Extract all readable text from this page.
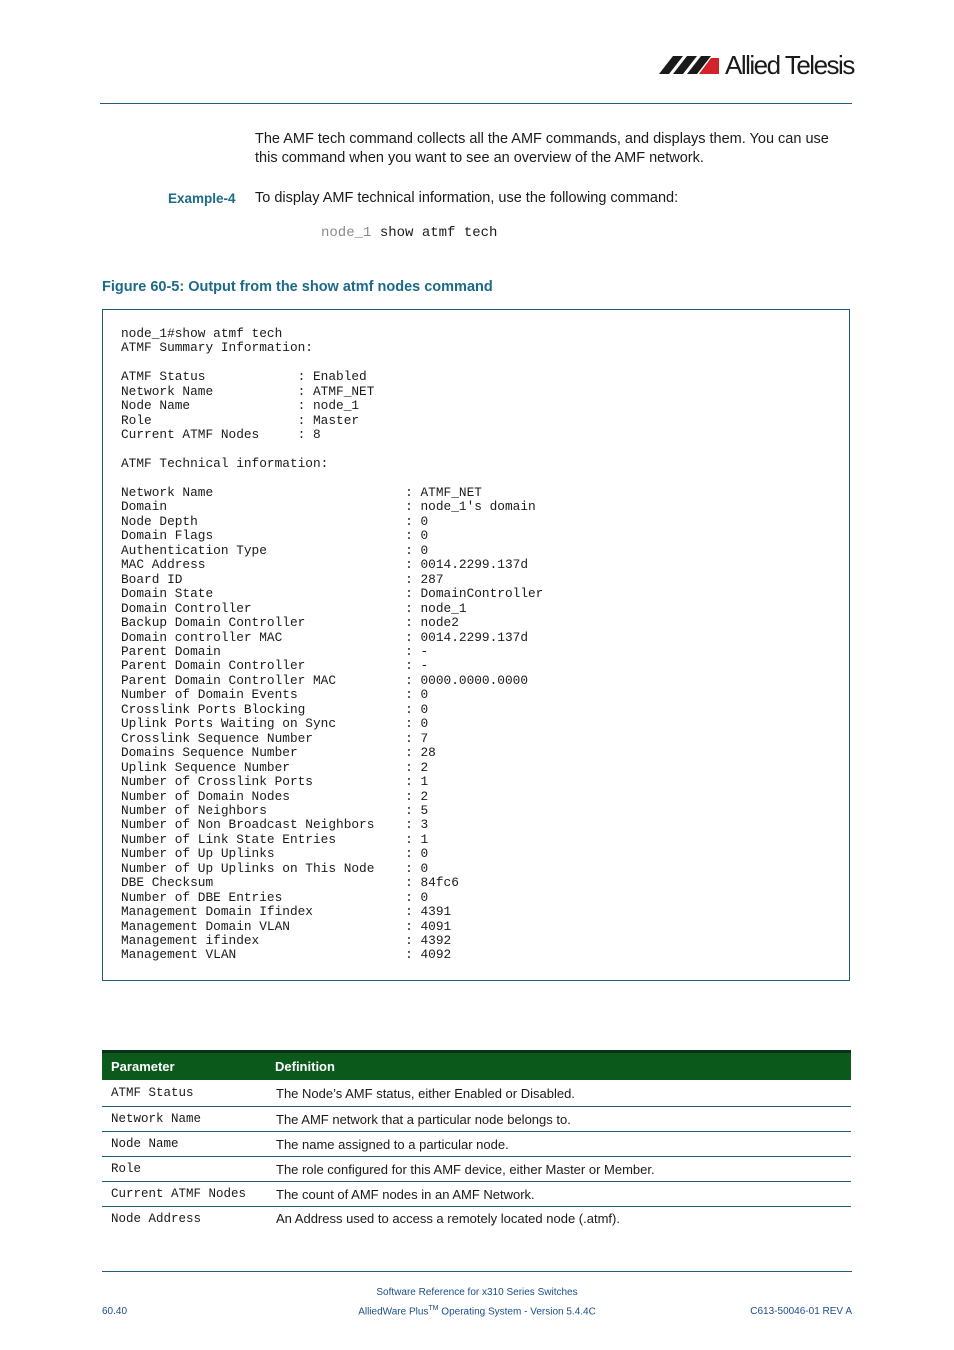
Allied Telesis
The AMF tech command collects all the AMF commands, and displays them. You can use this command when you want to see an overview of the AMF network.
Example-4 To display AMF technical information, use the following command:
node_1 show atmf tech
Figure 60-5: Output from the show atmf nodes command
node_1#show atmf tech
ATMF Summary Information:

ATMF Status            : Enabled
Network Name           : ATMF_NET
Node Name              : node_1
Role                   : Master
Current ATMF Nodes     : 8

ATMF Technical information:

Network Name                         : ATMF_NET
Domain                               : node_1's domain
Node Depth                           : 0
Domain Flags                         : 0
Authentication Type                  : 0
MAC Address                          : 0014.2299.137d
Board ID                             : 287
Domain State                         : DomainController
Domain Controller                    : node_1
Backup Domain Controller             : node2
Domain controller MAC                : 0014.2299.137d
Parent Domain                        : -
Parent Domain Controller             : -
Parent Domain Controller MAC         : 0000.0000.0000
Number of Domain Events              : 0
Crosslink Ports Blocking             : 0
Uplink Ports Waiting on Sync         : 0
Crosslink Sequence Number            : 7
Domains Sequence Number              : 28
Uplink Sequence Number               : 2
Number of Crosslink Ports            : 1
Number of Domain Nodes               : 2
Number of Neighbors                  : 5
Number of Non Broadcast Neighbors    : 3
Number of Link State Entries         : 1
Number of Up Uplinks                 : 0
Number of Up Uplinks on This Node    : 0
DBE Checksum                         : 84fc6
Number of DBE Entries                : 0
Management Domain Ifindex            : 4391
Management Domain VLAN               : 4091
Management ifindex                   : 4392
Management VLAN                      : 4092
Parameter	Definition
ATMF Status	The Node’s AMF status, either Enabled or Disabled.
Network Name	The AMF network that a particular node belongs to.
Node Name	The name assigned to a particular node.
Role	The role configured for this AMF device, either Master or Member.
Current ATMF Nodes	The count of AMF nodes in an AMF Network.
Node Address	An Address used to access a remotely located node (.atmf).
Software Reference for x310 Series Switches
AlliedWare Plus™ Operating System - Version 5.4.4C
60.40	C613-50046-01 REV A
